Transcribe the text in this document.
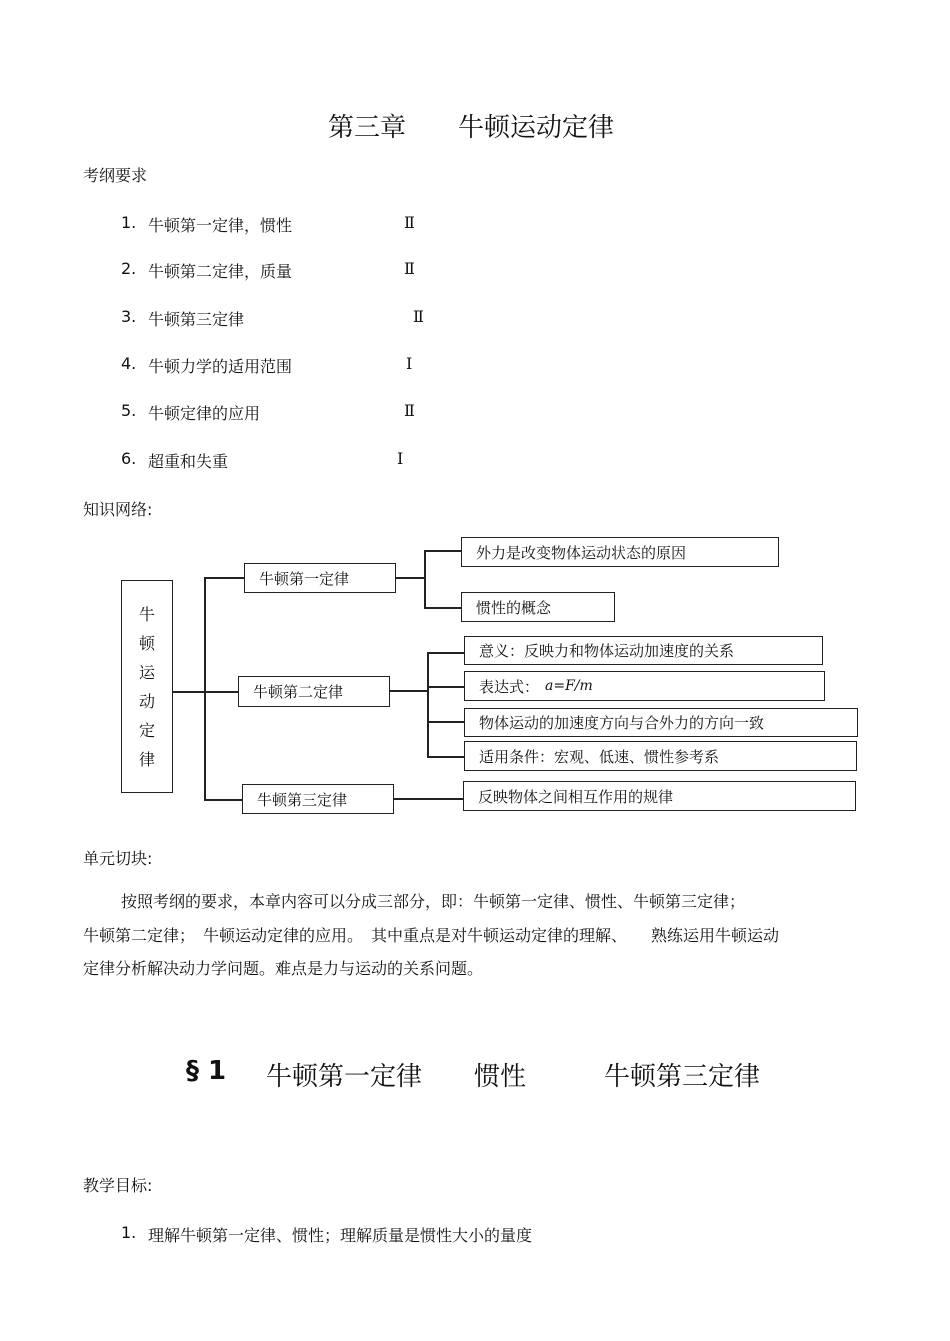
第三章　　牛顿运动定律
考纲要求
1. 牛顿第一定律，惯性	Ⅱ
2. 牛顿第二定律，质量	Ⅱ
3. 牛顿第三定律	Ⅱ
4. 牛顿力学的适用范围	Ⅰ
5. 牛顿定律的应用	Ⅱ
6. 超重和失重	Ⅰ
知识网络:
牛顿运动定律
牛顿第一定律
牛顿第二定律
牛顿第三定律
外力是改变物体运动状态的原因
惯性的概念
意义：反映力和物体运动加速度的关系
表达式： a=F/m
物体运动的加速度方向与合外力的方向一致
适用条件：宏观、低速、惯性参考系
反映物体之间相互作用的规律
单元切块:
按照考纲的要求，本章内容可以分成三部分，即：牛顿第一定律、惯性、牛顿第三定律；
牛顿第二定律；　牛顿运动定律的应用。　其中重点是对牛顿运动定律的理解、　　熟练运用牛顿运动
定律分析解决动力学问题。难点是力与运动的关系问题。
§ 1 牛顿第一定律　　惯性　　　牛顿第三定律
教学目标:
1. 理解牛顿第一定律、惯性；理解质量是惯性大小的量度
